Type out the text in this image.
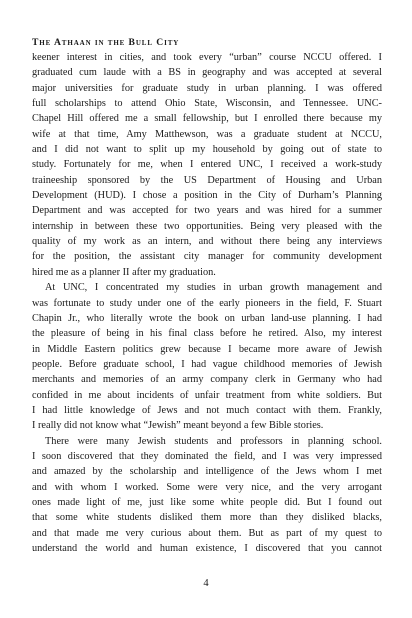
The Athaan in the Bull City

keener interest in cities, and took every “urban” course NCCU offered. I
graduated cum laude with a BS in geography and was accepted at several
major universities for graduate study in urban planning. I was offered
full scholarships to attend Ohio State, Wisconsin, and Tennessee. UNC-
Chapel Hill offered me a small fellowship, but I enrolled there because my
wife at that time, Amy Matthewson, was a graduate student at NCCU,
and I did not want to split up my household by going out of state to
study. Fortunately for me, when I entered UNC, I received a work-study
traineeship sponsored by the US Department of Housing and Urban
Development (HUD). I chose a position in the City of Durham’s Planning
Department and was accepted for two years and was hired for a summer
internship in between these two opportunities. Being very pleased with the
quality of my work as an intern, and without there being any interviews
for the position, the assistant city manager for community development
hired me as a planner II after my graduation.

At UNC, I concentrated my studies in urban growth management and
was fortunate to study under one of the early pioneers in the field, F. Stuart
Chapin Jr., who literally wrote the book on urban land-use planning. I had
the pleasure of being in his final class before he retired. Also, my interest
in Middle Eastern politics grew because I became more aware of Jewish
people. Before graduate school, I had vague childhood memories of Jewish
merchants and memories of an army company clerk in Germany who had
confided in me about incidents of unfair treatment from white soldiers. But
I had little knowledge of Jews and not much contact with them. Frankly,
I really did not know what “Jewish” meant beyond a few Bible stories.

There were many Jewish students and professors in planning school.
I soon discovered that they dominated the field, and I was very impressed
and amazed by the scholarship and intelligence of the Jews whom I met
and with whom I worked. Some were very nice, and the very arrogant
ones made light of me, just like some white people did. But I found out
that some white students disliked them more than they disliked blacks,
and that made me very curious about them. But as part of my quest to
understand the world and human existence, I discovered that you cannot

4
